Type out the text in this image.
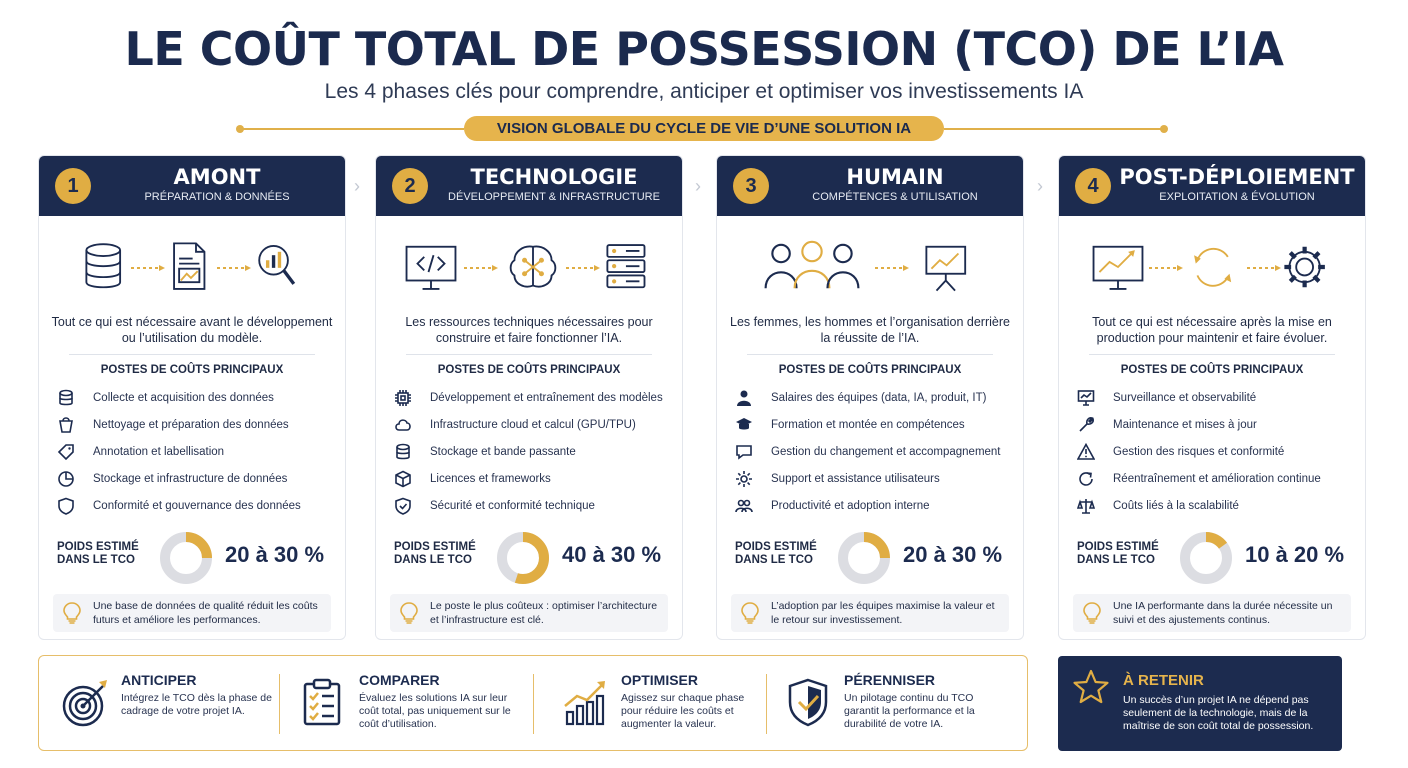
LE COÛT TOTAL DE POSSESSION (TCO) DE L’IA
Les 4 phases clés pour comprendre, anticiper et optimiser vos investissements IA
VISION GLOBALE DU CYCLE DE VIE D’UNE SOLUTION IA
›	›	›
1	AMONT
PRÉPARATION & DONNÉES
Tout ce qui est nécessaire avant le développement ou l’utilisation du modèle.
POSTES DE COÛTS PRINCIPAUX
Collecte et acquisition des données
Nettoyage et préparation des données
Annotation et labellisation
Stockage et infrastructure de données
Conformité et gouvernance des données
POIDS ESTIMÉ
DANS LE TCO	20 à 30 %
Une base de données de qualité réduit les coûts futurs et améliore les performances.
2	TECHNOLOGIE
DÉVELOPPEMENT & INFRASTRUCTURE
Les ressources techniques nécessaires pour construire et faire fonctionner l’IA.
POSTES DE COÛTS PRINCIPAUX
Développement et entraînement des modèles
Infrastructure cloud et calcul (GPU/TPU)
Stockage et bande passante
Licences et frameworks
Sécurité et conformité technique
POIDS ESTIMÉ
DANS LE TCO	40 à 30 %
Le poste le plus coûteux : optimiser l’architecture et l’infrastructure est clé.
3	HUMAIN
COMPÉTENCES & UTILISATION
Les femmes, les hommes et l’organisation derrière la réussite de l’IA.
POSTES DE COÛTS PRINCIPAUX
Salaires des équipes (data, IA, produit, IT)
Formation et montée en compétences
Gestion du changement et accompagnement
Support et assistance utilisateurs
Productivité et adoption interne
POIDS ESTIMÉ
DANS LE TCO	20 à 30 %
L’adoption par les équipes maximise la valeur et le retour sur investissement.
4 POST-DÉPLOIEMENT
EXPLOITATION & ÉVOLUTION
Tout ce qui est nécessaire après la mise en production pour maintenir et faire évoluer.
POSTES DE COÛTS PRINCIPAUX
Surveillance et observabilité
Maintenance et mises à jour
Gestion des risques et conformité
Réentraînement et amélioration continue
Coûts liés à la scalabilité
POIDS ESTIMÉ
DANS LE TCO	10 à 20 %
Une IA performante dans la durée nécessite un suivi et des ajustements continus.
ANTICIPER
Intégrez le TCO dès la phase de cadrage de votre projet IA.
COMPARER
Évaluez les solutions IA sur leur coût total, pas uniquement sur le coût d’utilisation.
OPTIMISER
Agissez sur chaque phase pour réduire les coûts et augmenter la valeur.
PÉRENNISER
Un pilotage continu du TCO garantit la performance et la durabilité de votre IA.
À RETENIR
Un succès d’un projet IA ne dépend pas seulement de la technologie, mais de la maîtrise de son coût total de possession.
